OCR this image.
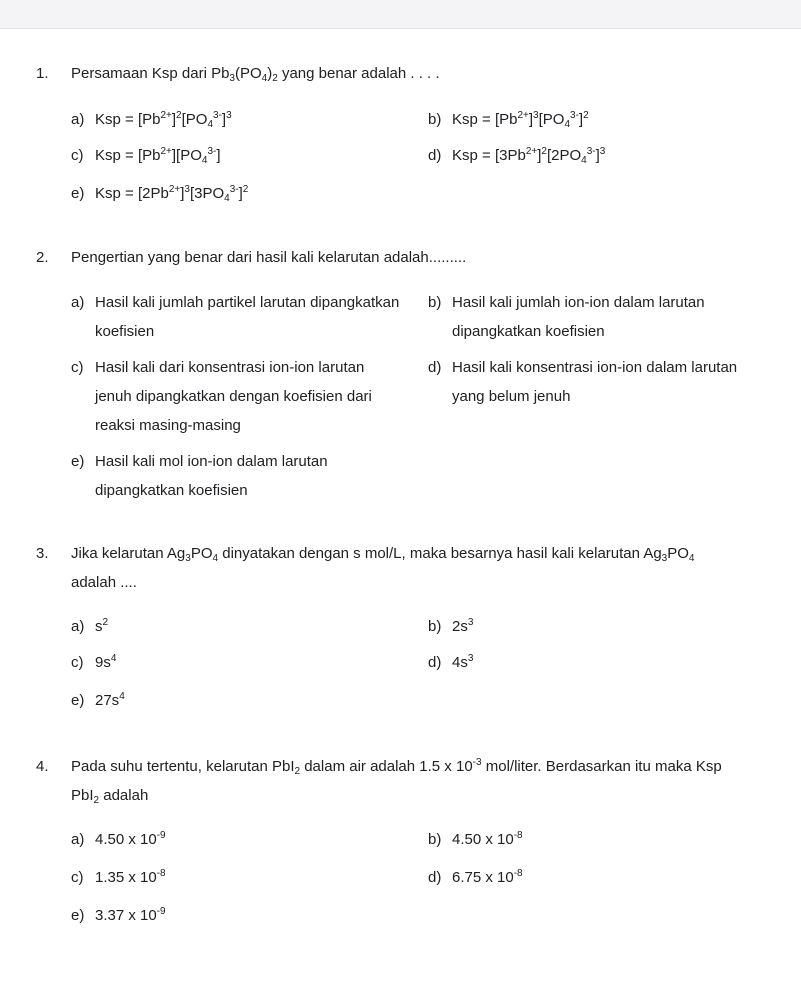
1.	Persamaan Ksp dari $Pb_3(PO_4)_2$ yang benar adalah . . . .
a) Ksp = $[Pb^{2+}]^2[PO_4^{3-}]^3$	b) Ksp = $[Pb^{2+}]^3[PO_4^{3-}]^2$
c) Ksp = $[Pb^{2+}][PO_4^{3-}]$	d) Ksp = $[3Pb^{2+}]^2[2PO_4^{3-}]^3$
e) Ksp = $[2Pb^{2+}]^3[3PO_4^{3-}]^2$
2.	Pengertian yang benar dari hasil kali kelarutan adalah.........
a) Hasil kali jumlah partikel larutan dipangkatkan
koefisien
b) Hasil kali jumlah ion-ion dalam larutan
dipangkatkan koefisien
c) Hasil kali dari konsentrasi ion-ion larutan
jenuh dipangkatkan dengan koefisien dari
reaksi masing-masing
d) Hasil kali konsentrasi ion-ion dalam larutan
yang belum jenuh
e) Hasil kali mol ion-ion dalam larutan
dipangkatkan koefisien
3.	Jika kelarutan $Ag_3PO_4$ dinyatakan dengan s mol/L, maka besarnya hasil kali kelarutan $Ag_3PO_4$
adalah ....
a) $s^2$	b) $2s^3$
c) $9s^4$	d) $4s^3$
e) $27s^4$
4.	Pada suhu tertentu, kelarutan PbI$_2$ dalam air adalah 1.5 x $10^{-3}$ mol/liter. Berdasarkan itu maka Ksp
PbI$_2$ adalah
a) 4.50 x $10^{-9}$	b) 4.50 x $10^{-8}$
c) 1.35 x $10^{-8}$	d) 6.75 x $10^{-8}$
e) 3.37 x $10^{-9}$
